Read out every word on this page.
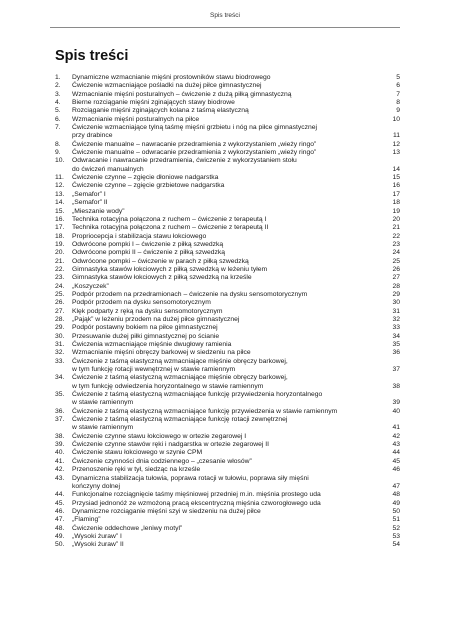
Spis treści
Spis treści
1.	Dynamiczne wzmacnianie mięśni prostowników stawu biodrowego	5
2.	Ćwiczenie wzmacniające pośladki na dużej piłce gimnastycznej	6
3.	Wzmacnianie mięśni posturalnych – ćwiczenie z dużą piłką gimnastyczną	7
4.	Bierne rozciąganie mięśni zginających stawy biodrowe	8
5.	Rozciąganie mięśni zginających kolana z taśmą elastyczną	9
6.	Wzmacnianie mięśni posturalnych na piłce	10
7.	Ćwiczenie wzmacniające tylną taśmę mięśni grzbietu i nóg na piłce gimnastycznej
przy drabince	11
8.	Ćwiczenie manualne – nawracanie przedramienia z wykorzystaniem „wieży ringo”	12
9.	Ćwiczenie manualne – odwracanie przedramienia z wykorzystaniem „wieży ringo”	13
10.	Odwracanie i nawracanie przedramienia, ćwiczenie z wykorzystaniem stołu
do ćwiczeń manualnych	14
11.	Ćwiczenie czynne – zgięcie dłoniowe nadgarstka	15
12.	Ćwiczenie czynne – zgięcie grzbietowe nadgarstka	16
13.	„Semafor” I	17
14.	„Semafor” II	18
15.	„Mieszanie wody”	19
16.	Technika rotacyjna połączona z ruchem – ćwiczenie z terapeutą I	20
17.	Technika rotacyjna połączona z ruchem – ćwiczenie z terapeutą II	21
18.	Propriocepcja i stabilizacja stawu łokciowego	22
19.	Odwrócone pompki I – ćwiczenie z piłką szwedzką	23
20.	Odwrócone pompki II – ćwiczenie z piłką szwedzką	24
21.	Odwrócone pompki – ćwiczenie w parach z piłką szwedzką	25
22.	Gimnastyka stawów łokciowych z piłką szwedzką w leżeniu tyłem	26
23.	Gimnastyka stawów łokciowych z piłką szwedzką na krześle	27
24.	„Koszyczek”	28
25.	Podpór przodem na przedramionach – ćwiczenie na dysku sensomotorycznym	29
26.	Podpór przodem na dysku sensomotorycznym	30
27.	Klęk podparty z ręką na dysku sensomotorycznym	31
28.	„Pająk” w leżeniu przodem na dużej piłce gimnastycznej	32
29.	Podpór postawny bokiem na piłce gimnastycznej	33
30.	Przesuwanie dużej piłki gimnastycznej po ścianie	34
31.	Ćwiczenia wzmacniające mięśnie dwugłowy ramienia	35
32.	Wzmacnianie mięśni obręczy barkowej w siedzeniu na piłce	36
33.	Ćwiczenie z taśmą elastyczną wzmacniające mięśnie obręczy barkowej,
w tym funkcję rotacji wewnętrznej w stawie ramiennym	37
34.	Ćwiczenie z taśmą elastyczną wzmacniające mięśnie obręczy barkowej,
w tym funkcję odwiedzenia horyzontalnego w stawie ramiennym	38
35.	Ćwiczenie z taśmą elastyczną wzmacniające funkcję przywiedzenia horyzontalnego
w stawie ramiennym	39
36.	Ćwiczenie z taśmą elastyczną wzmacniające funkcję przywiedzenia w stawie ramiennym	40
37.	Ćwiczenie z taśmą elastyczną wzmacniające funkcję rotacji zewnętrznej
w stawie ramiennym	41
38.	Ćwiczenie czynne stawu łokciowego w ortezie zegarowej I	42
39.	Ćwiczenie czynne stawów ręki i nadgarstka w ortezie zegarowej II	43
40.	Ćwiczenie stawu łokciowego w szynie CPM	44
41.	Ćwiczenie czynności dnia codziennego – „czesanie włosów”	45
42.	Przenoszenie ręki w tył, siedząc na krześle	46
43.	Dynamiczna stabilizacja tułowia, poprawa rotacji w tułowiu, poprawa siły mięśni
kończyny dolnej	47
44.	Funkcjonalne rozciągnięcie taśmy mięśniowej przedniej m.in. mięśnia prostego uda	48
45.	Przysiad jednonóż ze wzmożoną pracą ekscentryczną mięśnia czworogłowego uda	49
46.	Dynamiczne rozciąganie mięśni szyi w siedzeniu na dużej piłce	50
47.	„Flaming”	51
48.	Ćwiczenie oddechowe „leniwy motyl”	52
49.	„Wysoki żuraw” I	53
50.	„Wysoki żuraw” II	54
